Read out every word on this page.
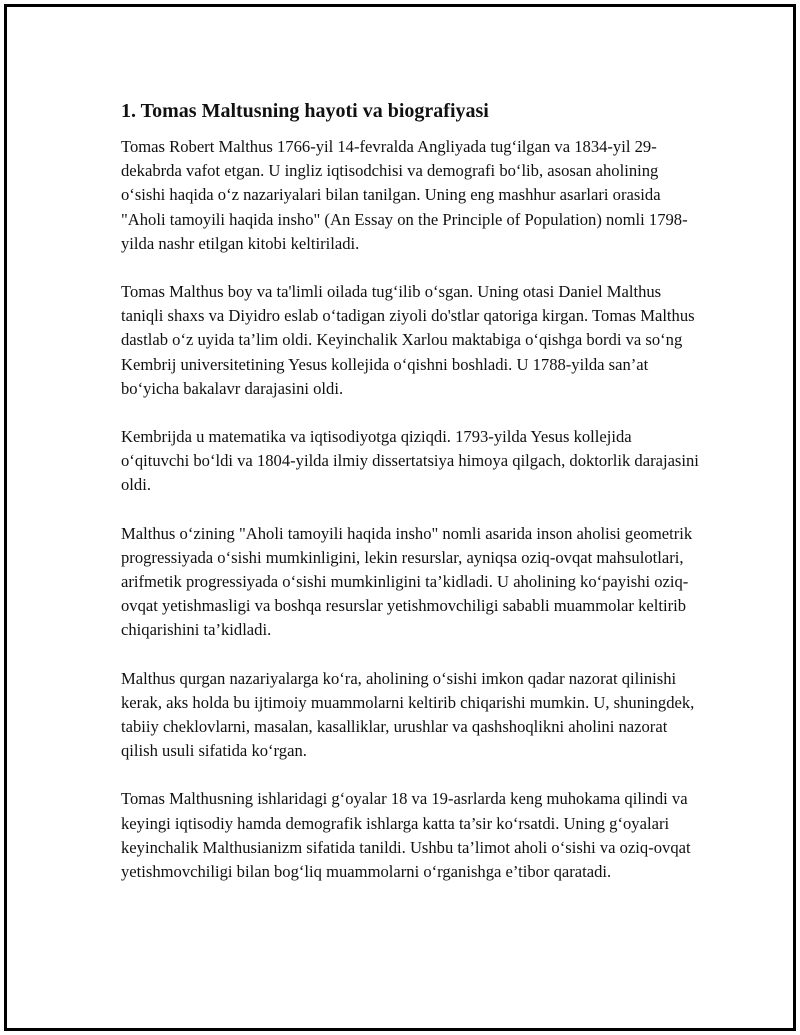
1. Tomas Maltusning hayoti va biografiyasi

Tomas Robert Malthus 1766-yil 14-fevralda Angliyada tug‘ilgan va 1834-yil 29-dekabrda vafot etgan. U ingliz iqtisodchisi va demografi bo‘lib, asosan aholining o‘sishi haqida o‘z nazariyalari bilan tanilgan. Uning eng mashhur asarlari orasida "Aholi tamoyili haqida insho" (An Essay on the Principle of Population) nomli 1798-yilda nashr etilgan kitobi keltiriladi.

Tomas Malthus boy va ta'limli oilada tug‘ilib o‘sgan. Uning otasi Daniel Malthus taniqli shaxs va Diyidro eslab o‘tadigan ziyoli do'stlar qatoriga kirgan. Tomas Malthus dastlab o‘z uyida ta’lim oldi. Keyinchalik Xarlou maktabiga o‘qishga bordi va so‘ng Kembrij universitetining Yesus kollejida o‘qishni boshladi. U 1788-yilda san’at bo‘yicha bakalavr darajasini oldi.

Kembrijda u matematika va iqtisodiyotga qiziqdi. 1793-yilda Yesus kollejida o‘qituvchi bo‘ldi va 1804-yilda ilmiy dissertatsiya himoya qilgach, doktorlik darajasini oldi.

Malthus o‘zining "Aholi tamoyili haqida insho" nomli asarida inson aholisi geometrik progressiyada o‘sishi mumkinligini, lekin resurslar, ayniqsa oziq-ovqat mahsulotlari, arifmetik progressiyada o‘sishi mumkinligini ta’kidladi. U aholining ko‘payishi oziq-ovqat yetishmasligi va boshqa resurslar yetishmovchiligi sababli muammolar keltirib chiqarishini ta’kidladi.

Malthus qurgan nazariyalarga ko‘ra, aholining o‘sishi imkon qadar nazorat qilinishi kerak, aks holda bu ijtimoiy muammolarni keltirib chiqarishi mumkin. U, shuningdek, tabiiy cheklovlarni, masalan, kasalliklar, urushlar va qashshoqlikni aholini nazorat qilish usuli sifatida ko‘rgan.

Tomas Malthusning ishlaridagi g‘oyalar 18 va 19-asrlarda keng muhokama qilindi va keyingi iqtisodiy hamda demografik ishlarga katta ta’sir ko‘rsatdi. Uning g‘oyalari keyinchalik Malthusianizm sifatida tanildi. Ushbu ta’limot aholi o‘sishi va oziq-ovqat yetishmovchiligi bilan bog‘liq muammolarni o‘rganishga e’tibor qaratadi.
